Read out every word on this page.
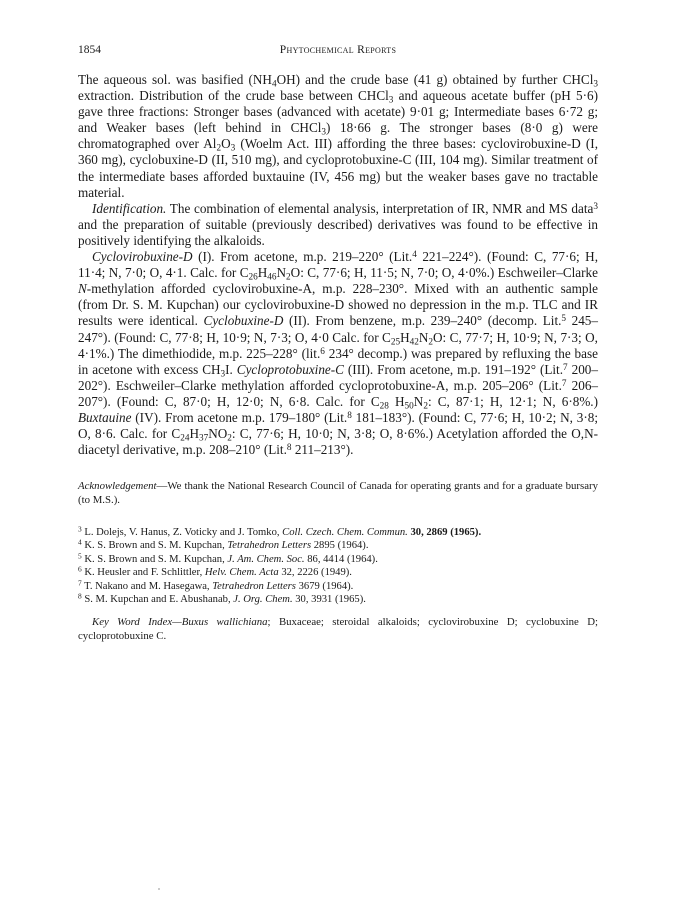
1854	Phytochemical Reports

The aqueous sol. was basified $(NH_4OH)$ and the crude base (41 g) obtained by further CHCl$_3$ extraction. Distribution of the crude base between CHCl$_3$ and aqueous acetate buffer (pH 5·6) gave three fractions: Stronger bases (advanced with acetate) 9·01 g; Intermediate bases 6·72 g; and Weaker bases (left behind in CHCl$_3$) 18·66 g. The stronger bases (8·0 g) were chromatographed over $Al_2O_3$ (Woelm Act. III) affording the three bases: cyclovirobuxine-D (I, 360 mg), cyclobuxine-D (II, 510 mg), and cycloprotobuxine-C (III, 104 mg). Similar treatment of the intermediate bases afforded buxtauine (IV, 456 mg) but the weaker bases gave no tractable material.

Identification. The combination of elemental analysis, interpretation of IR, NMR and MS data$^3$ and the preparation of suitable (previously described) derivatives was found to be effective in positively identifying the alkaloids.

Cyclovirobuxine-D (I). From acetone, m.p. 219–220° (Lit.$^4$ 221–224°). (Found: C, 77·6; H, 11·4; N, 7·0; O, 4·1. Calc. for $C_{26}H_{46}N_2O$: C, 77·6; H, 11·5; N, 7·0; O, 4·0%.) Eschweiler–Clarke N-methylation afforded cyclovirobuxine-A, m.p. 228–230°. Mixed with an authentic sample (from Dr. S. M. Kupchan) our cyclovirobuxine-D showed no depression in the m.p. TLC and IR results were identical. Cyclobuxine-D (II). From benzene, m.p. 239–240° (decomp. Lit.$^5$ 245–247°). (Found: C, 77·8; H, 10·9; N, 7·3; O, 4·0 Calc. for $C_{25}H_{42}N_2O$: C, 77·7; H, 10·9; N, 7·3; O, 4·1%.) The dimethiodide, m.p. 225–228° (lit.$^6$ 234° decomp.) was prepared by refluxing the base in acetone with excess $CH_3I$. Cycloprotobuxine-C (III). From acetone, m.p. 191–192° (Lit.$^7$ 200–202°). Eschweiler–Clarke methylation afforded cycloprotobuxine-A, m.p. 205–206° (Lit.$^7$ 206–207°). (Found: C, 87·0; H, 12·0; N, 6·8. Calc. for $C_{28}$ $H_{50}N_2$: C, 87·1; H, 12·1; N, 6·8%.) Buxtauine (IV). From acetone m.p. 179–180° (Lit.$^8$ 181–183°). (Found: C, 77·6; H, 10·2; N, 3·8; O, 8·6. Calc. for $C_{24}H_{37}NO_2$: C, 77·6; H, 10·0; N, 3·8; O, 8·6%.) Acetylation afforded the O,N-diacetyl derivative, m.p. 208–210° (Lit.$^8$ 211–213°).

Acknowledgement—We thank the National Research Council of Canada for operating grants and for a graduate bursary (to M.S.).
$^3$ L. Dolejs, V. Hanus, Z. Voticky and J. Tomko, Coll. Czech. Chem. Commun. 30, 2869 (1965).
$^4$ K. S. Brown and S. M. Kupchan, Tetrahedron Letters 2895 (1964).
$^5$ K. S. Brown and S. M. Kupchan, J. Am. Chem. Soc. 86, 4414 (1964).
$^6$ K. Heusler and F. Schlittler, Helv. Chem. Acta 32, 2226 (1949).
$^7$ T. Nakano and M. Hasegawa, Tetrahedron Letters 3679 (1964).
$^8$ S. M. Kupchan and E. Abushanab, J. Org. Chem. 30, 3931 (1965).
Key Word Index—Buxus wallichiana; Buxaceae; steroidal alkaloids; cyclovirobuxine D; cyclobuxine D; cycloprotobuxine C.
